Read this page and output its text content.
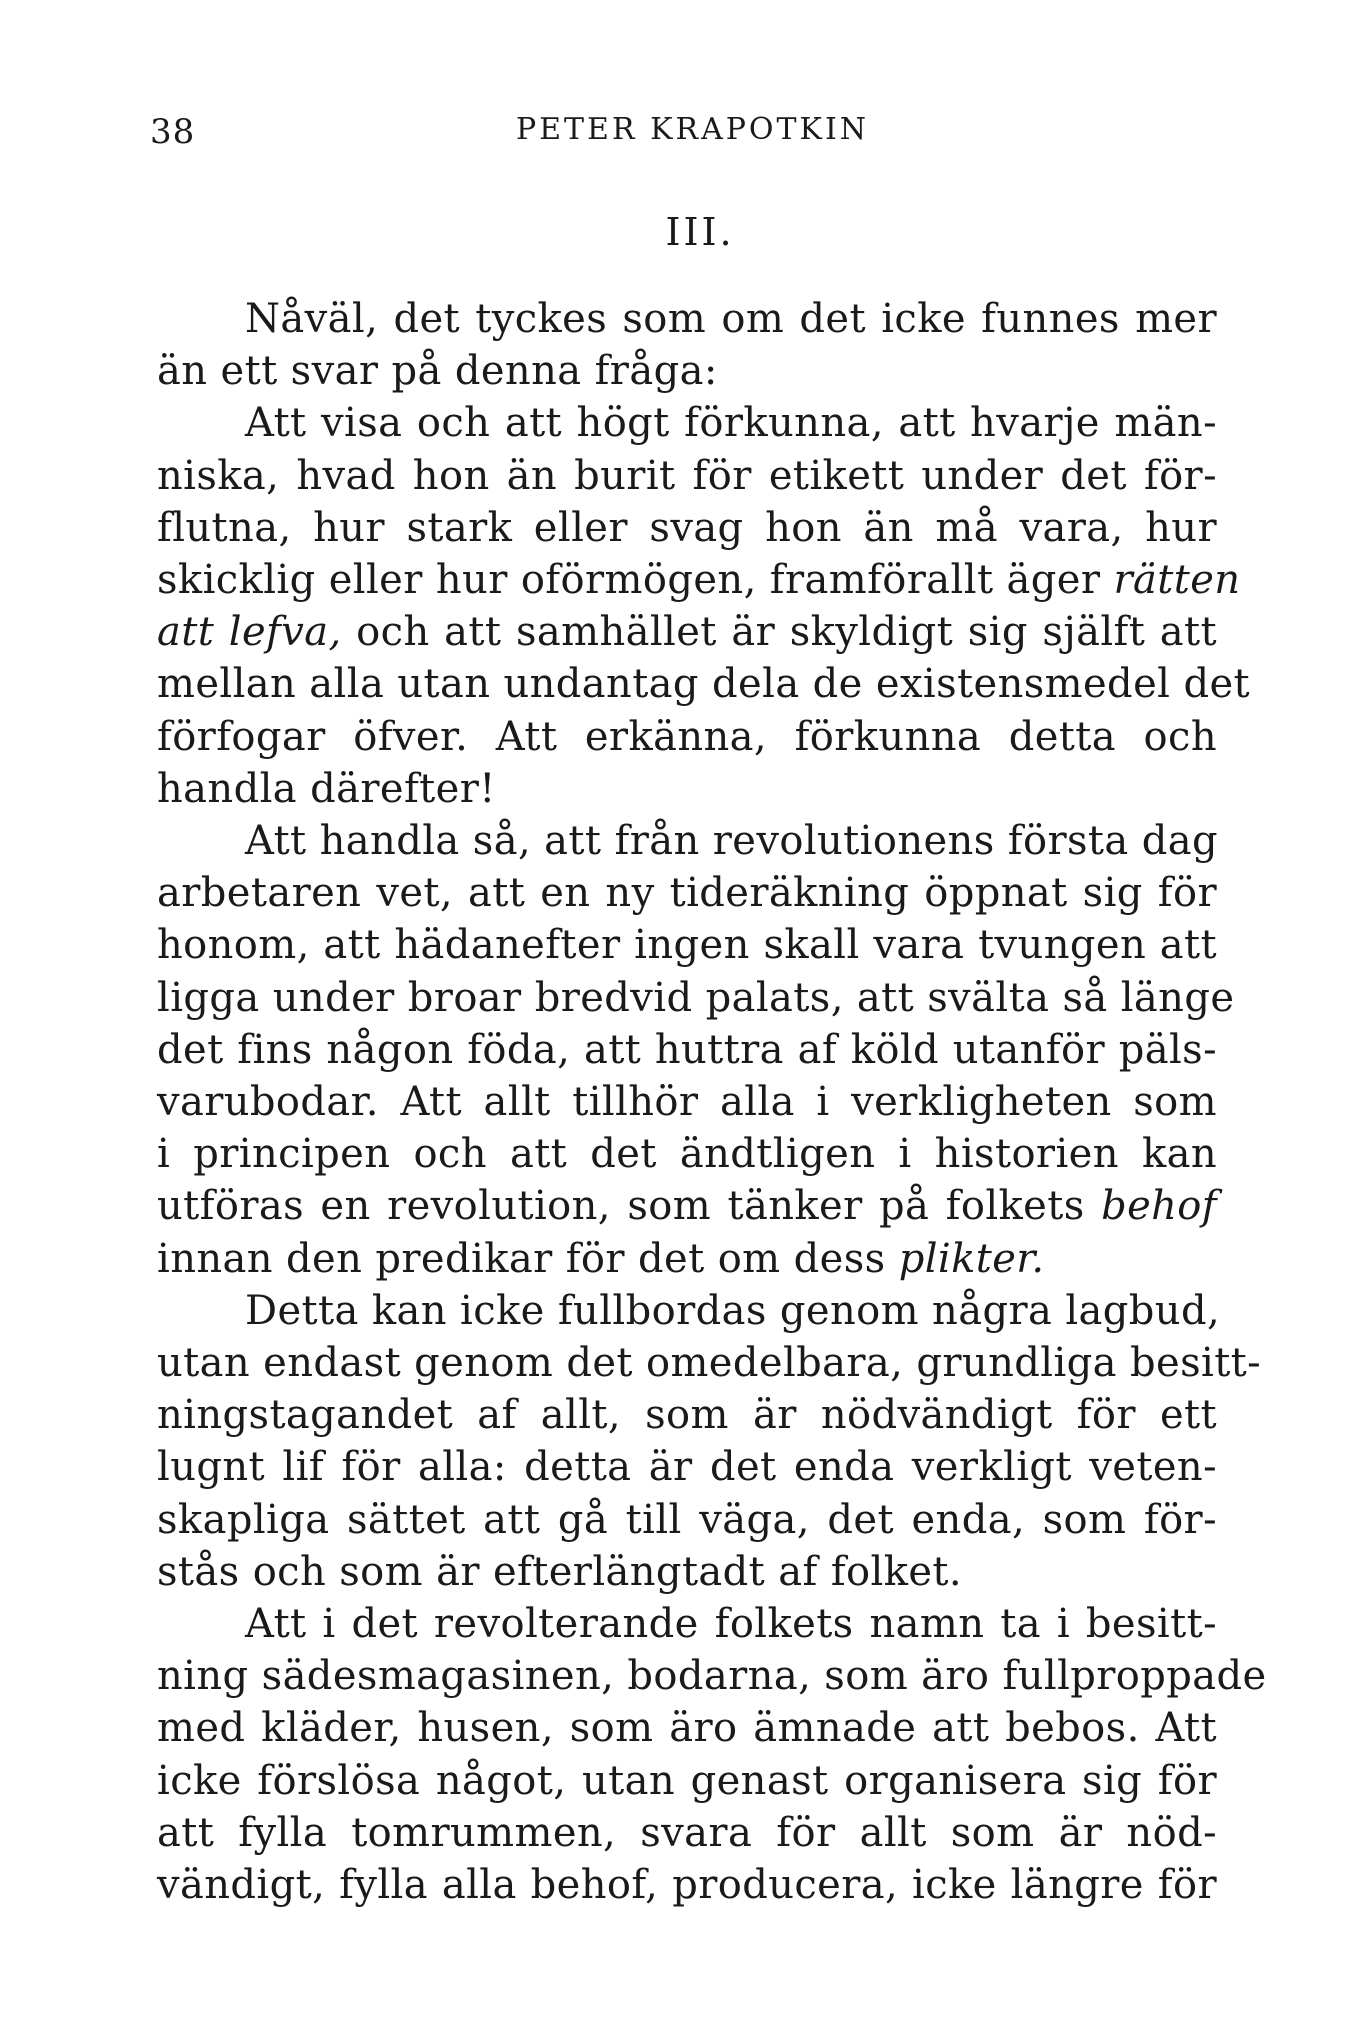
38	PETER KRAPOTKIN
III.
Nåväl, det tyckes som om det icke funnes mer
än ett svar på denna fråga:
Att visa och att högt förkunna, att hvarje män-
niska, hvad hon än burit för etikett under det för-
flutna, hur stark eller svag hon än må vara, hur
skicklig eller hur oförmögen, framförallt äger rätten
att lefva, och att samhället är skyldigt sig själft att
mellan alla utan undantag dela de existensmedel det
förfogar öfver. Att erkänna, förkunna detta och
handla därefter!
Att handla så, att från revolutionens första dag
arbetaren vet, att en ny tideräkning öppnat sig för
honom, att hädanefter ingen skall vara tvungen att
ligga under broar bredvid palats, att svälta så länge
det fins någon föda, att huttra af köld utanför päls-
varubodar. Att allt tillhör alla i verkligheten som
i principen och att det ändtligen i historien kan
utföras en revolution, som tänker på folkets behof
innan den predikar för det om dess plikter.
Detta kan icke fullbordas genom några lagbud,
utan endast genom det omedelbara, grundliga besitt-
ningstagandet af allt, som är nödvändigt för ett
lugnt lif för alla: detta är det enda verkligt veten-
skapliga sättet att gå till väga, det enda, som för-
stås och som är efterlängtadt af folket.
Att i det revolterande folkets namn ta i besitt-
ning sädesmagasinen, bodarna, som äro fullproppade
med kläder, husen, som äro ämnade att bebos. Att
icke förslösa något, utan genast organisera sig för
att fylla tomrummen, svara för allt som är nöd-
vändigt, fylla alla behof, producera, icke längre för
